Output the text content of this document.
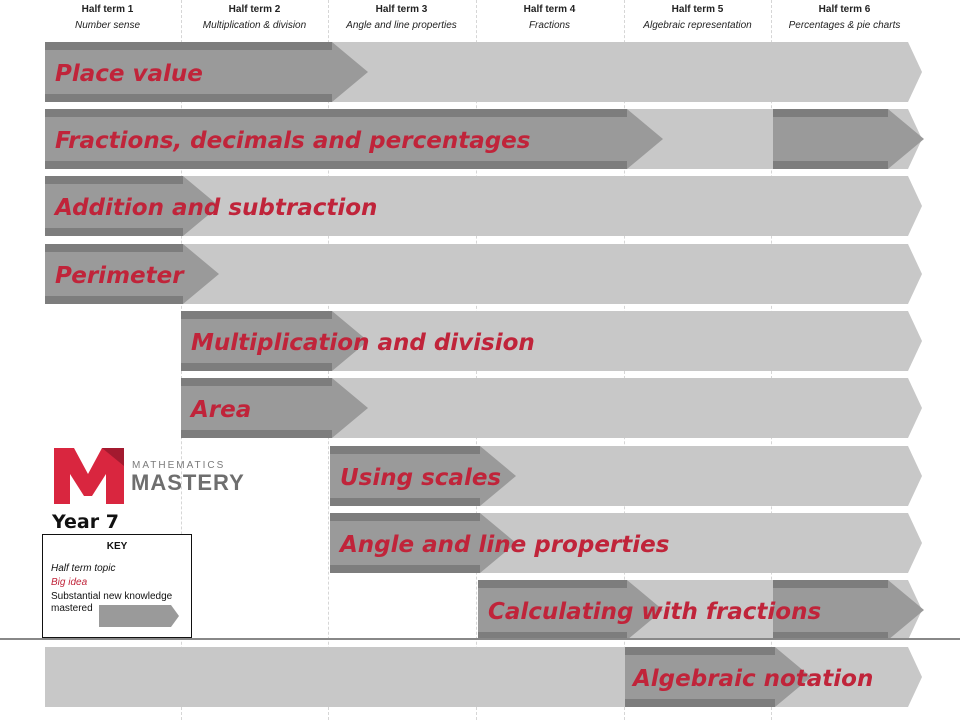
Half term 1
Number sense
Half term 2
Multiplication & division
Half term 3
Angle and line properties
Half term 4
Fractions
Half term 5
Algebraic representation
Half term 6
Percentages & pie charts
Place value
Fractions, decimals and percentages
Addition and subtraction
Perimeter
Multiplication and division
Area
Using scales
Angle and line properties
Calculating with fractions
Algebraic notation
MATHEMATICS
MASTERY
Year 7
KEY
Half term topic
Big idea
Substantial new knowledge mastered
